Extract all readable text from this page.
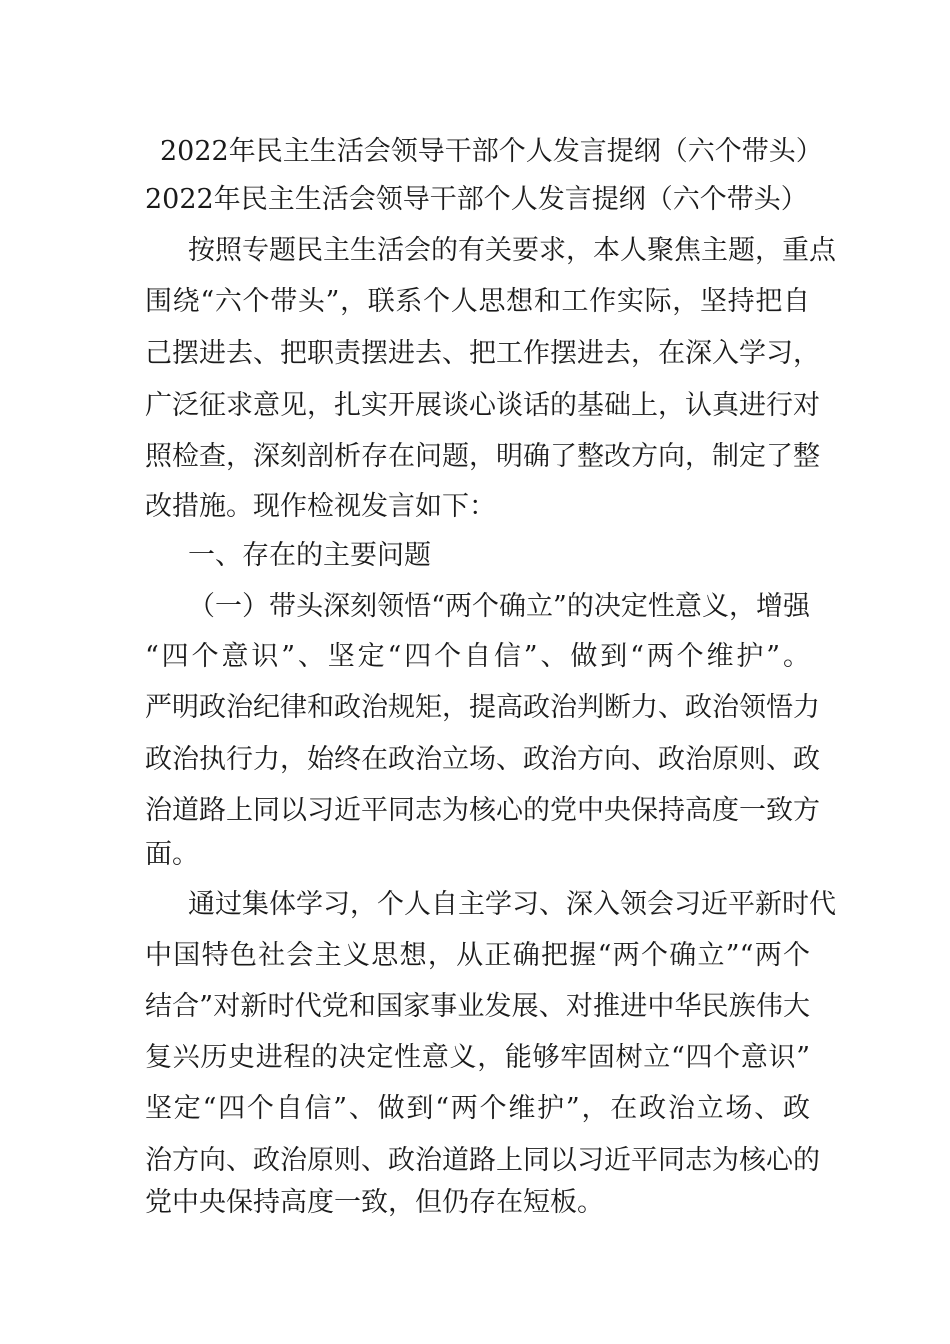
2022年民主生活会领导干部个人发言提纲（六个带头）
2022年民主生活会领导干部个人发言提纲（六个带头）
按照专题民主生活会的有关要求，本人聚焦主题，重点
围绕“六个带头”，联系个人思想和工作实际，坚持把自
己摆进去、把职责摆进去、把工作摆进去，在深入学习，
广泛征求意见，扎实开展谈心谈话的基础上，认真进行对
照检查，深刻剖析存在问题，明确了整改方向，制定了整
改措施。现作检视发言如下：
一、存在的主要问题
（一）带头深刻领悟“两个确立”的决定性意义，增强
“四个意识”、坚定“四个自信”、做到“两个维护”。
严明政治纪律和政治规矩，提高政治判断力、政治领悟力
政治执行力，始终在政治立场、政治方向、政治原则、政
治道路上同以习近平同志为核心的党中央保持高度一致方
面。
通过集体学习，个人自主学习、深入领会习近平新时代
中国特色社会主义思想，从正确把握“两个确立”“两个
结合”对新时代党和国家事业发展、对推进中华民族伟大
复兴历史进程的决定性意义，能够牢固树立“四个意识”
坚定“四个自信”、做到“两个维护”，在政治立场、政
治方向、政治原则、政治道路上同以习近平同志为核心的
党中央保持高度一致，但仍存在短板。
